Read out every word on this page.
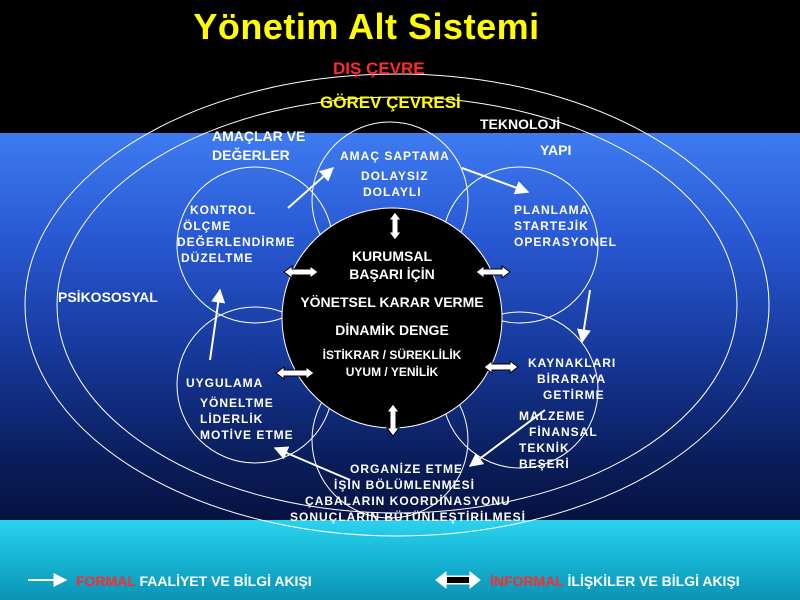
Yönetim Alt Sistemi
DIŞ ÇEVRE
GÖREV ÇEVRESİ
TEKNOLOJİ
YAPI
AMAÇLAR VE
DEĞERLER
PSİKOSOSYAL
AMAÇ SAPTAMA
DOLAYSIZ
DOLAYLI
PLANLAMA
STARTEJİK
OPERASYONEL
KONTROL
ÖLÇME
DEĞERLENDİRME
DÜZELTME	KURUMSAL
BAŞARI İÇİN
YÖNETSEL KARAR VERME
DİNAMİK DENGE
İSTİKRAR / SÜREKLİLİK
UYUM / YENİLİK
KAYNAKLARI
BİRARAYA
GETİRME
MALZEME
FİNANSAL
TEKNİK
BEŞERİ
UYGULAMA
YÖNELTME
LİDERLİK
MOTİVE ETME
ORGANİZE ETME
İŞİN BÖLÜMLENMESİ
ÇABALARIN KOORDİNASYONU
SONUÇLARIN BÜTÜNLEŞTİRİLMESİ
FORMAL FAALİYET VE BİLGİ AKIŞI	İNFORMAL İLİŞKİLER VE BİLGİ AKIŞI
